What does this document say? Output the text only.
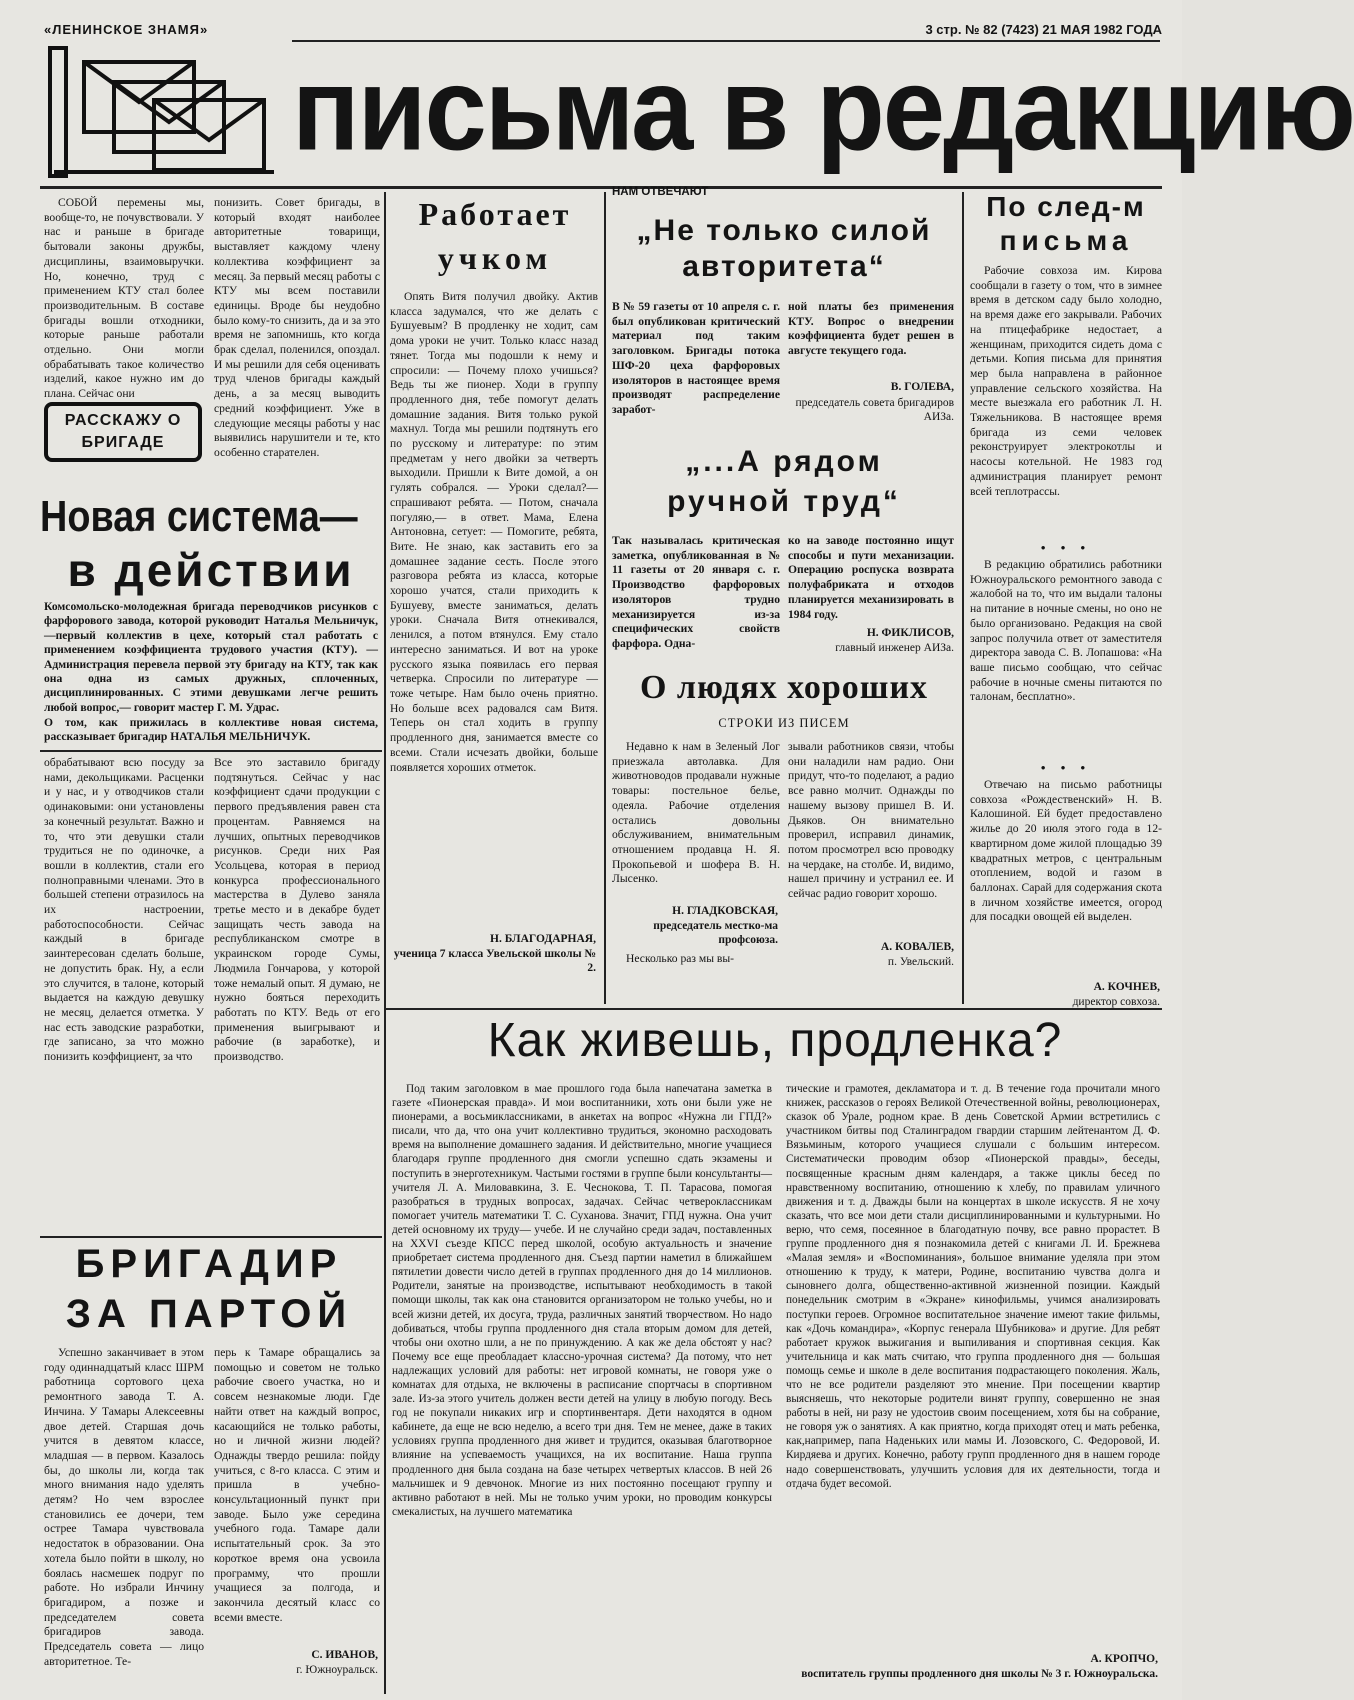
«ЛЕНИНСКОЕ ЗНАМЯ»	3 стр. № 82 (7423) 21 МАЯ 1982 ГОДА
письма в редакцию
СОБОЙ перемены мы, вообще-то, не почувствовали. У нас и раньше в бригаде бытовали законы дружбы, дисциплины, взаимовыручки. Но, конечно, труд с применением КТУ стал более производительным. В составе бригады вошли отходники, которые раньше работали отдельно. Они могли обрабатывать такое количество изделий, какое нужно им до плана. Сейчас они
понизить. Совет бригады, в который входят наиболее авторитетные товарищи, выставляет каждому члену коллектива коэффициент за месяц. За первый месяц работы с КТУ мы всем поставили единицы. Вроде бы неудобно было кому-то снизить, да и за это время не запомнишь, кто когда брак сделал, поленился, опоздал. И мы решили для себя оценивать труд членов бригады каждый день, а за месяц выводить средний коэффициент. Уже в следующие месяцы работы у нас выявились нарушители и те, кто особенно старателен.
РАССКАЖУ О БРИГАДЕ
Новая система—
в действии
Комсомольско-молодежная бригада переводчиков рисунков с фарфорового завода, которой руководит Наталья Мельничук, —первый коллектив в цехе, который стал работать с применением коэффициента трудового участия (КТУ). —Администрация перевела первой эту бригаду на КТУ, так как она одна из самых дружных, сплоченных, дисциплинированных. С этими девушками легче решить любой вопрос,— говорит мастер Г. М. Удрас.
О том, как прижилась в коллективе новая система, рассказывает бригадир НАТАЛЬЯ МЕЛЬНИЧУК.
обрабатывают всю посуду за нами, декольщиками. Расценки и у нас, и у отводчиков стали одинаковыми: они установлены за конечный результат. Важно и то, что эти девушки стали трудиться не по одиночке, а вошли в коллектив, стали его полноправными членами. Это в большей степени отразилось на их настроении, работоспособности. Сейчас каждый в бригаде заинтересован сделать больше, не допустить брак. Ну, а если это случится, в талоне, который выдается на каждую девушку не месяц, делается отметка. У нас есть заводские разработки, где записано, за что можно понизить коэффициент, за что
Все это заставило бригаду подтянуться. Сейчас у нас коэффициент сдачи продукции с первого предъявления равен ста процентам. Равняемся на лучших, опытных переводчиков рисунков. Среди них Рая Усольцева, которая в период конкурса профессионального мастерства в Дулево заняла третье место и в декабре будет защищать честь завода на республиканском смотре в украинском городе Сумы, Людмила Гончарова, у которой тоже немалый опыт. Я думаю, не нужно бояться переходить работать по КТУ. Ведь от его применения выигрывают и рабочие (в заработке), и производство.
БРИГАДИР
ЗА ПАРТОЙ
Успешно заканчивает в этом году одиннадцатый класс ШРМ работница сортового цеха ремонтного завода Т. А. Инчина. У Тамары Алексеевны двое детей. Старшая дочь учится в девятом классе, младшая — в первом. Казалось бы, до школы ли, когда так много внимания надо уделять детям? Но чем взрослее становились ее дочери, тем острее Тамара чувствовала недостаток в образовании. Она хотела было пойти в школу, но боялась насмешек подруг по работе. Но избрали Инчину бригадиром, а позже и председателем совета бригадиров завода. Председатель совета — лицо авторитетное. Те-
перь к Тамаре обращались за помощью и советом не только рабочие своего участка, но и совсем незнакомые люди. Где найти ответ на каждый вопрос, касающийся не только работы, но и личной жизни людей? Однажды твердо решила: пойду учиться, с 8-го класса. С этим и пришла в учебно-консультационный пункт при заводе. Было уже середина учебного года. Тамаре дали испытательный срок. За это короткое время она усвоила программу, что прошли учащиеся за полгода, и закончила десятый класс со всеми вместе.
С. ИВАНОВ,
г. Южноуральск.
Работает
учком
Опять Витя получил двойку. Актив класса задумался, что же делать с Бушуевым? В продленку не ходит, сам дома уроки не учит. Только класс назад тянет. Тогда мы подошли к нему и спросили: — Почему плохо учишься? Ведь ты же пионер. Ходи в группу продленного дня, тебе помогут делать домашние задания. Витя только рукой махнул. Тогда мы решили подтянуть его по русскому и литературе: по этим предметам у него двойки за четверть выходили. Пришли к Вите домой, а он гулять собрался. — Уроки сделал?— спрашивают ребята. — Потом, сначала погуляю,— в ответ. Мама, Елена Антоновна, сетует: — Помогите, ребята, Вите. Не знаю, как заставить его за домашнее задание сесть. После этого разговора ребята из класса, которые хорошо учатся, стали приходить к Бушуеву, вместе заниматься, делать уроки. Сначала Витя отнекивался, ленился, а потом втянулся. Ему стало интересно заниматься. И вот на уроке русского языка появилась его первая четверка. Спросили по литературе —тоже четыре. Нам было очень приятно. Но больше всех радовался сам Витя. Теперь он стал ходить в группу продленного дня, занимается вместе со всеми. Стали исчезать двойки, больше появляется хороших отметок.
Н. БЛАГОДАРНАЯ,
ученица 7 класса Увельской школы № 2.
НАМ ОТВЕЧАЮТ
„Не только силой
авторитета“
В № 59 газеты от 10 апреля с. г. был опубликован критический материал под таким заголовком. Бригады потока ШФ-20 цеха фарфоровых изоляторов в настоящее время производят распределение заработ-
ной платы без применения КТУ. Вопрос о внедрении коэффициента будет решен в августе текущего года.
В. ГОЛЕВА,
председатель совета бригадиров АИЗа.
„...А рядом
ручной труд“
Так называлась критическая заметка, опубликованная в № 11 газеты от 20 января с. г. Производство фарфоровых изоляторов трудно механизируется из-за специфических свойств фарфора. Одна-
ко на заводе постоянно ищут способы и пути механизации. Операцию роспуска возврата полуфабриката и отходов планируется механизировать в 1984 году.
Н. ФИКЛИСОВ,
главный инженер АИЗа.
О людях хороших
СТРОКИ ИЗ ПИСЕМ
Недавно к нам в Зеленый Лог приезжала автолавка. Для животноводов продавали нужные товары: постельное белье, одеяла. Рабочие отделения остались довольны обслуживанием, внимательным отношением продавца Н. Я. Прокопьевой и шофера В. Н. Лысенко.
Н. ГЛАДКОВСКАЯ,
председатель местко-ма профсоюза.
Несколько раз мы вы-
зывали работников связи, чтобы они наладили нам радио. Они придут, что-то поделают, а радио все равно молчит. Однажды по нашему вызову пришел В. И. Дьяков. Он внимательно проверил, исправил динамик, потом просмотрел всю проводку на чердаке, на столбе. И, видимо, нашел причину и устранил ее. И сейчас радио говорит хорошо.
А. КОВАЛЕВ,
п. Увельский.
По след-м
письма
Рабочие совхоза им. Кирова сообщали в газету о том, что в зимнее время в детском саду было холодно, на время даже его закрывали. Рабочих на птицефабрике недостает, а женщинам, приходится сидеть дома с детьми. Копия письма для принятия мер была направлена в районное управление сельского хозяйства. На месте выезжала его работник Л. Н. Тяжельникова. В настоящее время бригада из семи человек реконструирует электрокотлы и насосы котельной. Не 1983 год администрация планирует ремонт всей теплотрассы.
• • •
В редакцию обратились работники Южноуральского ремонтного завода с жалобой на то, что им выдали талоны на питание в ночные смены, но оно не было организовано. Редакция на свой запрос получила ответ от заместителя директора завода С. В. Лопашова: «На ваше письмо сообщаю, что сейчас рабочие в ночные смены питаются по талонам, бесплатно».
• • •
Отвечаю на письмо работницы совхоза «Рождественский» Н. В. Калошиной. Ей будет предоставлено жилье до 20 июля этого года в 12-квартирном доме жилой площадью 39 квадратных метров, с центральным отоплением, водой и газом в баллонах. Сарай для содержания скота в личном хозяйстве имеется, огород для посадки овощей ей выделен.
А. КОЧНЕВ,
директор совхоза.
Как живешь, продленка?
Под таким заголовком в мае прошлого года была напечатана заметка в газете «Пионерская правда». И мои воспитанники, хоть они были уже не пионерами, а восьмиклассниками, в анкетах на вопрос «Нужна ли ГПД?» писали, что да, что она учит коллективно трудиться, экономно расходовать время на выполнение домашнего задания. И действительно, многие учащиеся благодаря группе продленного дня смогли успешно сдать экзамены и поступить в энерготехникум. Частыми гостями в группе были консультанты— учителя Л. А. Миловавкина, З. Е. Чеснокова, Т. П. Тарасова, помогая разобраться в трудных вопросах, задачах. Сейчас четвероклассникам помогает учитель математики Т. С. Суханова. Значит, ГПД нужна. Она учит детей основному их труду— учебе. И не случайно среди задач, поставленных на XXVI съезде КПСС перед школой, особую актуальность и значение приобретает система продленного дня. Съезд партии наметил в ближайшем пятилетии довести число детей в группах продленного дня до 14 миллионов. Родители, занятые на производстве, испытывают необходимость в такой помощи школы, так как она становится организатором не только учебы, но и всей жизни детей, их досуга, труда, различных занятий творчеством. Но надо добиваться, чтобы группа продленного дня стала вторым домом для детей, чтобы они охотно шли, а не по принуждению. А как же дела обстоят у нас? Почему все еще преобладает классно-урочная система? Да потому, что нет надлежащих условий для работы: нет игровой комнаты, не говоря уже о комнатах для отдыха, не включены в расписание спортчасы в спортивном зале. Из-за этого учитель должен вести детей на улицу в любую погоду. Весь год не покупали никаких игр и спортинвентаря. Дети находятся в одном кабинете, да еще не всю неделю, а всего три дня. Тем не менее, даже в таких условиях группа продленного дня живет и трудится, оказывая благотворное влияние на успеваемость учащихся, на их воспитание. Наша группа продленного дня была создана на базе четырех четвертых классов. В ней 26 мальчишек и 9 девчонок. Многие из них постоянно посещают группу и активно работают в ней. Мы не только учим уроки, но проводим конкурсы смекалистых, на лучшего математика
тические и грамотея, декламатора и т. д. В течение года прочитали много книжек, рассказов о героях Великой Отечественной войны, революционерах, сказок об Урале, родном крае. В день Советской Армии встретились с участником битвы под Сталинградом гвардии старшим лейтенантом Д. Ф. Вязьминым, которого учащиеся слушали с большим интересом. Систематически проводим обзор «Пионерской правды», беседы, посвященные красным дням календаря, а также циклы бесед по нравственному воспитанию, отношению к хлебу, по правилам уличного движения и т. д. Дважды были на концертах в школе искусств. Я не хочу сказать, что все мои дети стали дисциплинированными и культурными. Но верю, что семя, посеянное в благодатную почву, все равно прорастет. В группе продленного дня я познакомила детей с книгами Л. И. Брежнева «Малая земля» и «Воспоминания», большое внимание уделяла при этом отношению к труду, к матери, Родине, воспитанию чувства долга и сыновнего долга, общественно-активной жизненной позиции. Каждый понедельник смотрим в «Экране» кинофильмы, учимся анализировать поступки героев. Огромное воспитательное значение имеют такие фильмы, как «Дочь командира», «Корпус генерала Шубникова» и другие. Для ребят работает кружок выжигания и выпиливания и спортивная секция. Как учительница и как мать считаю, что группа продленного дня — большая помощь семье и школе в деле воспитания подрастающего поколения. Жаль, что не все родители разделяют это мнение. При посещении квартир выясняешь, что некоторые родители винят группу, совершенно не зная работы в ней, ни разу не удостоив своим посещением, хотя бы на собрание, не говоря уж о занятиях. А как приятно, когда приходят отец и мать ребенка, как,например, папа Наденьких или мамы И. Лозовского, С. Федоровой, И. Кирдяева и других. Конечно, работу групп продленного дня в нашем городе надо совершенствовать, улучшить условия для их деятельности, тогда и отдача будет весомой.
А. КРОПЧО,
воспитатель группы продленного дня школы № 3 г. Южноуральска.
